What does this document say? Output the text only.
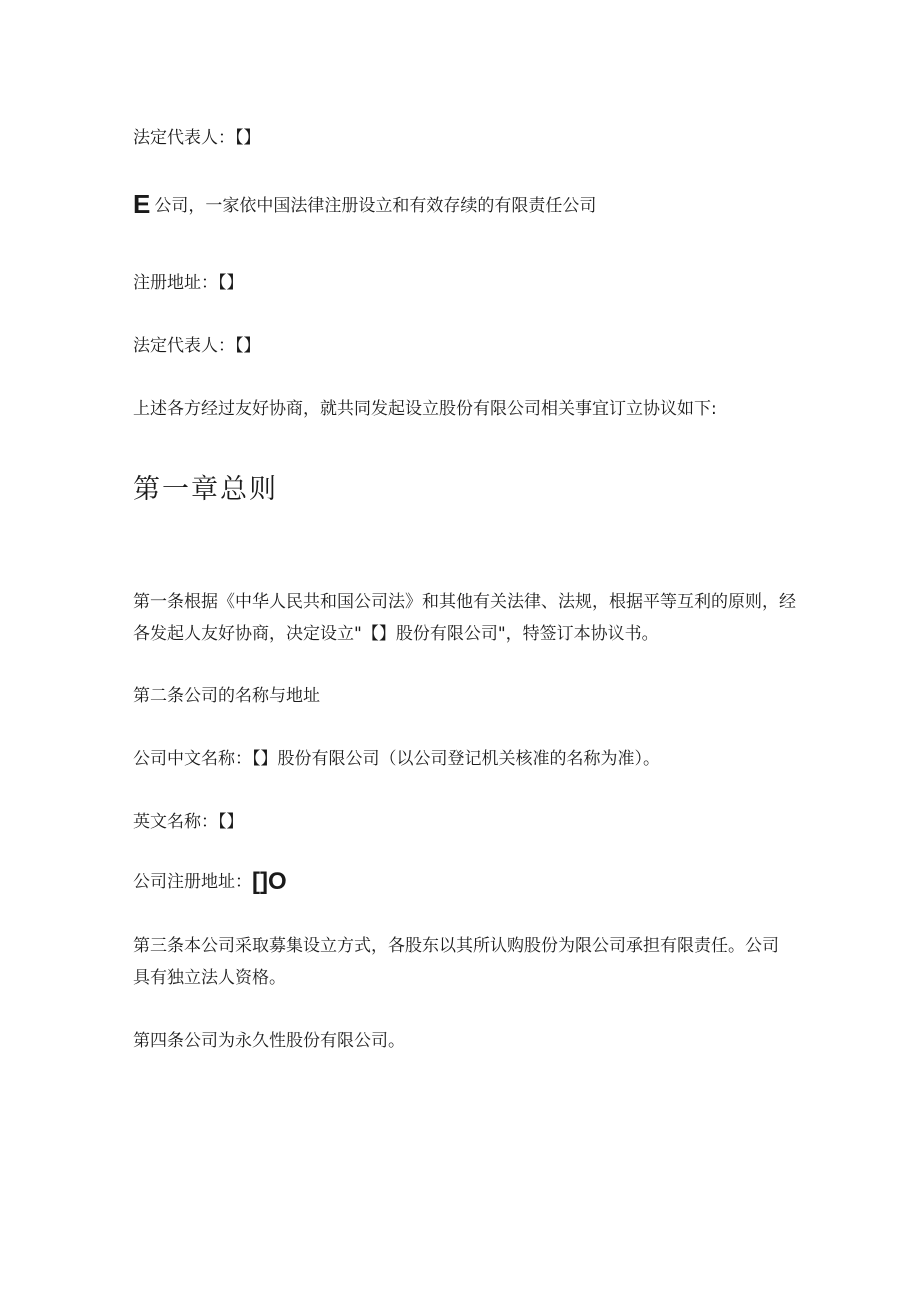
法定代表人：【】
E公司，一家依中国法律注册设立和有效存续的有限责任公司
注册地址：【】
法定代表人：【】
上述各方经过友好协商，就共同发起设立股份有限公司相关事宜订立协议如下:
第一章总则
第一条根据《中华人民共和国公司法》和其他有关法律、法规，根据平等互利的原则，经
各发起人友好协商，决定设立"【】股份有限公司"，特签订本协议书。
第二条公司的名称与地址
公司中文名称：【】股份有限公司（以公司登记机关核准的名称为准）。
英文名称：【】
公司注册地址：[]O
第三条本公司采取募集设立方式，各股东以其所认购股份为限公司承担有限责任。公司
具有独立法人资格。
第四条公司为永久性股份有限公司。
